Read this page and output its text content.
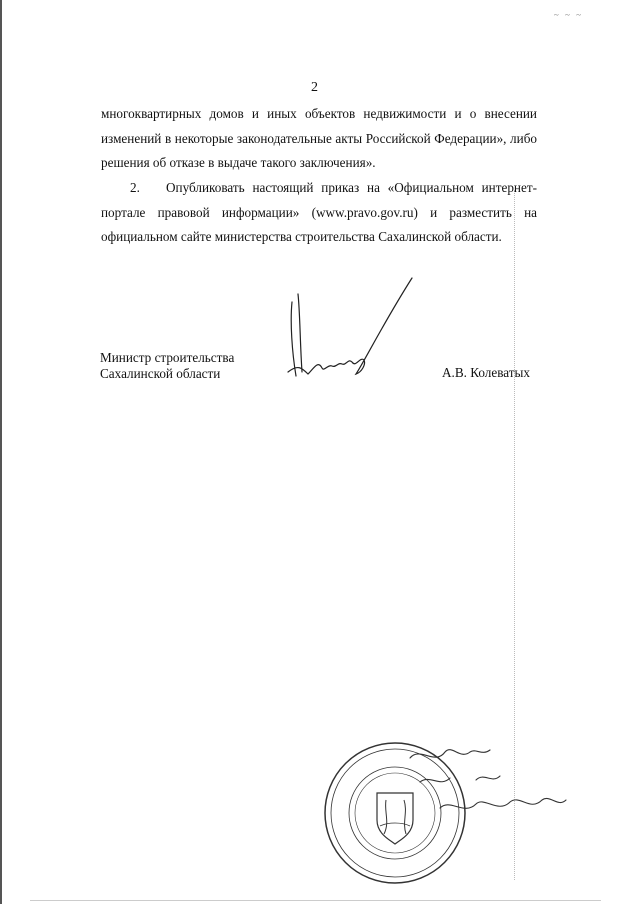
~ ~ ~
2

многоквартирных домов и иных объектов недвижимости и о внесении
изменений в некоторые законодательные акты Российской Федерации», либо
решения об отказе в выдаче такого заключения».

2. Опубликовать настоящий приказ на «Официальном интернет-
портале правовой информации» (www.pravo.gov.ru) и разместить на
официальном сайте министерства строительства Сахалинской области.

Министр строительства
Сахалинской области	А.В. Колеватых
